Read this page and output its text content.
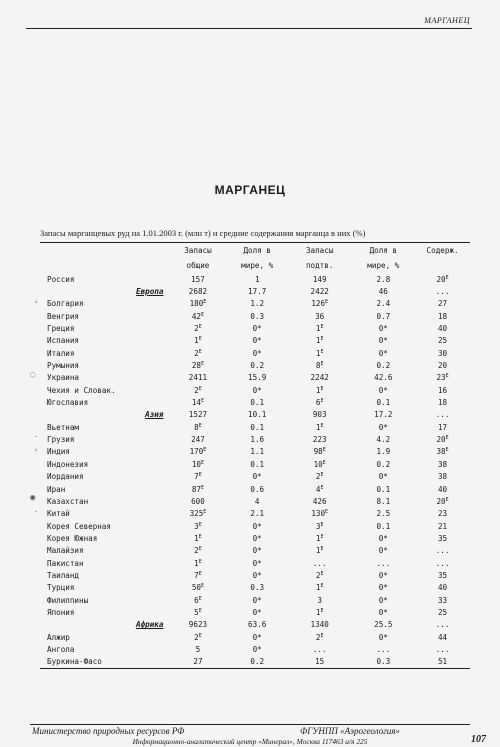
МАРГАНЕЦ
МАРГАНЕЦ
Запасы марганцевых руд на 1.01.2003 г. (млн т) и средние содержания марганца в них (%)
	Запасы	Доля в	Запасы	Доля в	Содерж.
	общие	мире, %	подтв.	мире, %	
Россия	157	1	149	2.8	$20^Е$
Европа	2682	17.7	2422	46	...

› Болгария	$180^Е$	1.2	$126^Е$	2.4	27
Венгрия	$42^Е$	0.3	36	0.7	18
Греция	$2^Е$	0*	$1^Е$	0*	40
Испания	$1^Е$	0*	$1^Е$	0*	25
Италия	$2^Е$	0*	$1^Е$	0*	30
Румыния	$28^Е$	0.2	$8^Е$	0.2	20

◌ Украина	2411	15.9	2242	42.6	$23^Е$
Чехия и Словак.	$2^Е$	0*	$1^Е$	0*	16
Югославия	$14^Е$	0.1	$6^Е$	0.1	18
Азия	1527	10.1	903	17.2	...
Вьетнам	$8^Е$	0.1	$1^Е$	0*	17

· Грузия	247	1.6	223	4.2	$20^Е$

› Индия	$170^Е$	1.1	$98^Е$	1.9	$38^Е$
Индонезия	$10^Е$	0.1	$10^Е$	0.2	38
Иордания	$7^Е$	0*	$2^Е$	0*	38
Иран	$87^Е$	0.6	$4^Е$	0.1	40

◉ Казахстан	600	4	426	8.1	$20^Е$

· Китай	$325^Е$	2.1	$130^Е$	2.5	23
Корея Северная	$3^Е$	0*	$3^Е$	0.1	21
Корея Южная	$1^Е$	0*	$1^Е$	0*	35
Малайзия	$2^Е$	0*	$1^Е$	0*	...
Пакистан	$1^Е$	0*	...	...	...
Таиланд	$7^Е$	0*	$2^Е$	0*	35
Турция	$50^Е$	0.3	$1^Е$	0*	40
Филиппины	$6^Е$	0*	3	0*	33
Япония	$5^Е$	0*	$1^Е$	0*	25
Африка	9623	63.6	1340	25.5	...
Алжир	$2^Е$	0*	$2^Е$	0*	44
Ангола	5	0*	...	...	...
Буркина-Фасо	27	0.2	15	0.3	51
Министерство природных ресурсов РФ	ФГУНПП «Аэрогеология»
Информационно-аналитический центр «Минерал», Москва 117463 а/я 225	107
